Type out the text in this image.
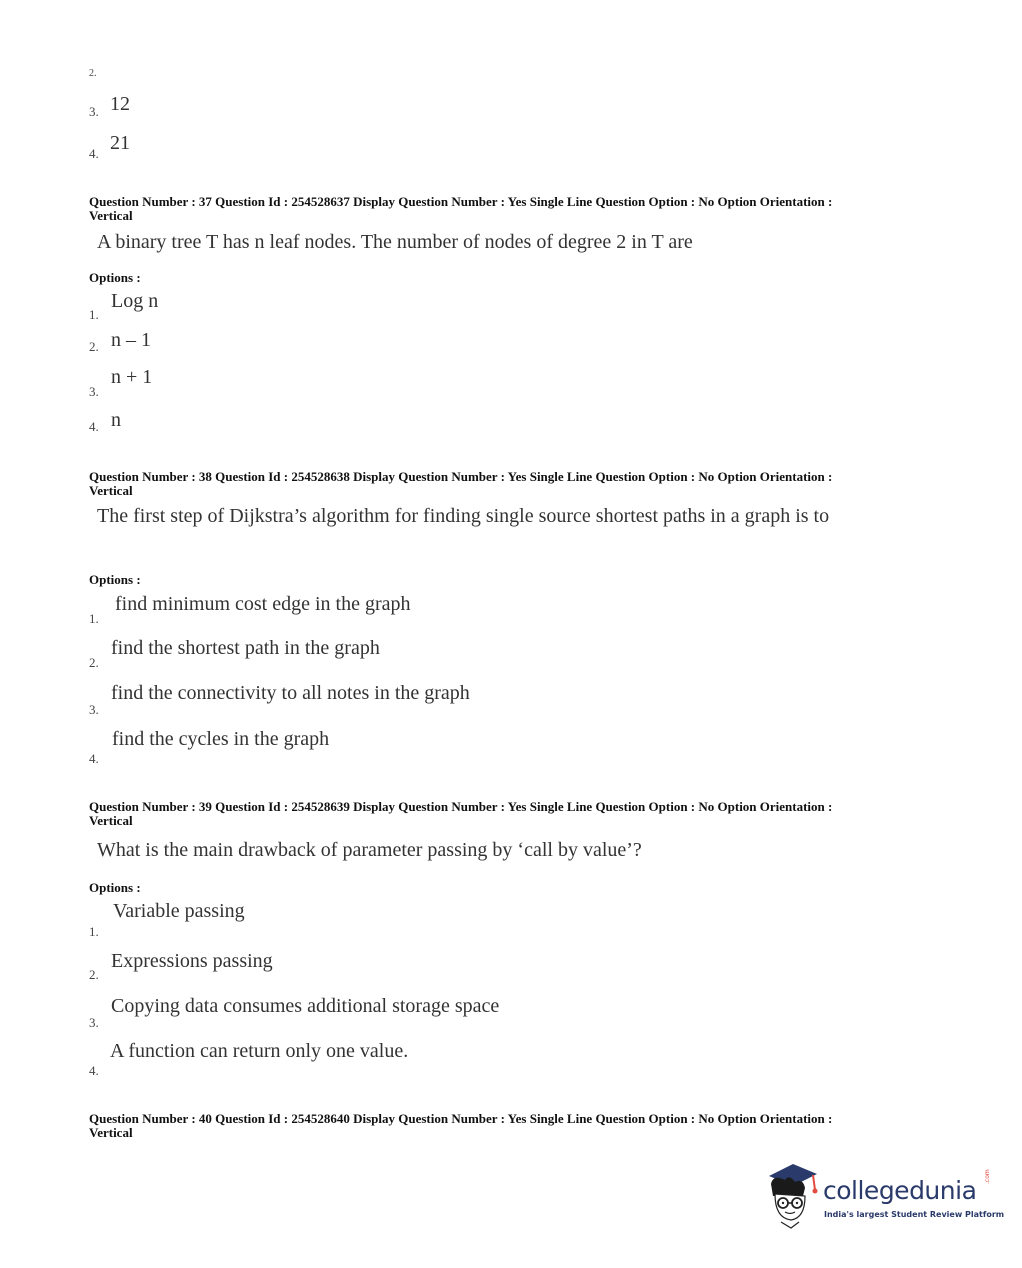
2.
3. 12
4. 21
Question Number : 37 Question Id : 254528637 Display Question Number : Yes Single Line Question Option : No Option Orientation : Vertical
A binary tree T has n leaf nodes. The number of nodes of degree 2 in T are
Options :
Log n
1.
2. n – 1
n + 1
3.
4. n
Question Number : 38 Question Id : 254528638 Display Question Number : Yes Single Line Question Option : No Option Orientation : Vertical
The first step of Dijkstra’s algorithm for finding single source shortest paths in a graph is to
Options :
find minimum cost edge in the graph
1.
find the shortest path in the graph
2.
find the connectivity to all notes in the graph
3.
find the cycles in the graph
4.
Question Number : 39 Question Id : 254528639 Display Question Number : Yes Single Line Question Option : No Option Orientation : Vertical
What is the main drawback of parameter passing by ‘call by value’?
Options :
Variable passing
1.
Expressions passing
2.
Copying data consumes additional storage space
3.
A function can return only one value.
4.
Question Number : 40 Question Id : 254528640 Display Question Number : Yes Single Line Question Option : No Option Orientation : Vertical
collegedunia .com
India's largest Student Review Platform
